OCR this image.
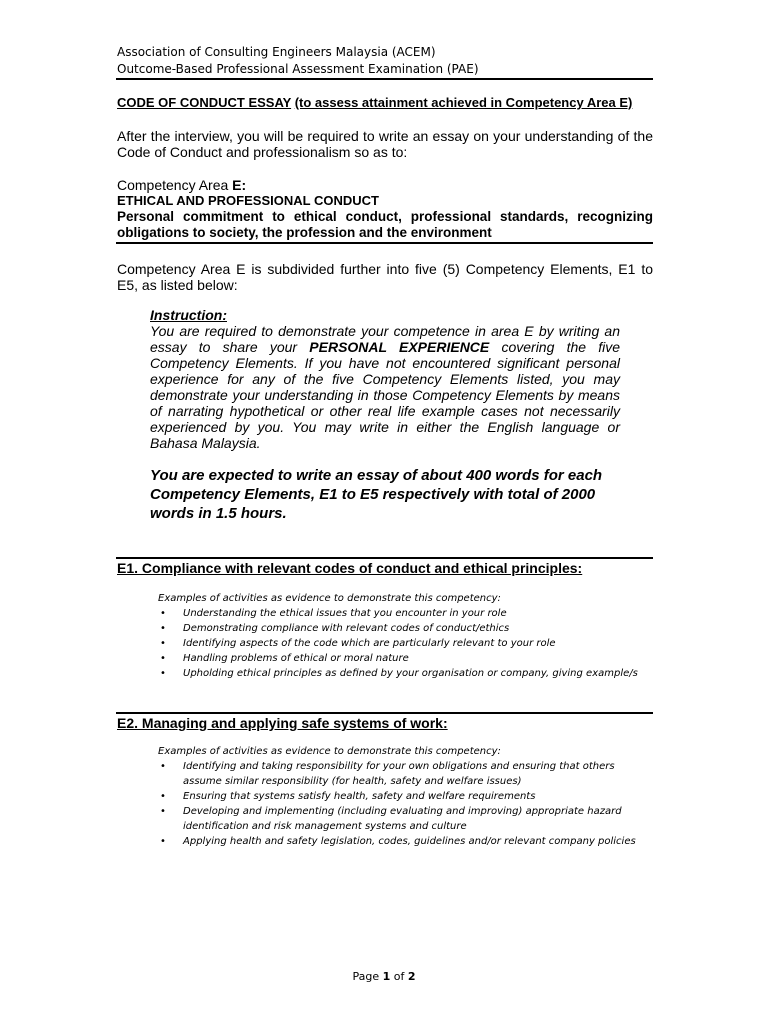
Association of Consulting Engineers Malaysia (ACEM)
Outcome-Based Professional Assessment Examination (PAE)
CODE OF CONDUCT ESSAY (to assess attainment achieved in Competency Area E)
After the interview, you will be required to write an essay on your understanding of the Code of Conduct and professionalism so as to:
Competency Area E:
ETHICAL AND PROFESSIONAL CONDUCT
Personal commitment to ethical conduct, professional standards, recognizing obligations to society, the profession and the environment
Competency Area E is subdivided further into five (5) Competency Elements, E1 to E5, as listed below:
Instruction:
You are required to demonstrate your competence in area E by writing an essay to share your PERSONAL EXPERIENCE covering the five Competency Elements. If you have not encountered significant personal experience for any of the five Competency Elements listed, you may demonstrate your understanding in those Competency Elements by means of narrating hypothetical or other real life example cases not necessarily experienced by you. You may write in either the English language or Bahasa Malaysia.
You are expected to write an essay of about 400 words for each Competency Elements, E1 to E5 respectively with total of 2000 words in 1.5 hours.
E1. Compliance with relevant codes of conduct and ethical principles:
Examples of activities as evidence to demonstrate this competency:
• Understanding the ethical issues that you encounter in your role
• Demonstrating compliance with relevant codes of conduct/ethics
• Identifying aspects of the code which are particularly relevant to your role
• Handling problems of ethical or moral nature
• Upholding ethical principles as defined by your organisation or company, giving example/s
E2. Managing and applying safe systems of work:
Examples of activities as evidence to demonstrate this competency:
• Identifying and taking responsibility for your own obligations and ensuring that others assume similar responsibility (for health, safety and welfare issues)
• Ensuring that systems satisfy health, safety and welfare requirements
• Developing and implementing (including evaluating and improving) appropriate hazard identification and risk management systems and culture
• Applying health and safety legislation, codes, guidelines and/or relevant company policies
Page 1 of 2
